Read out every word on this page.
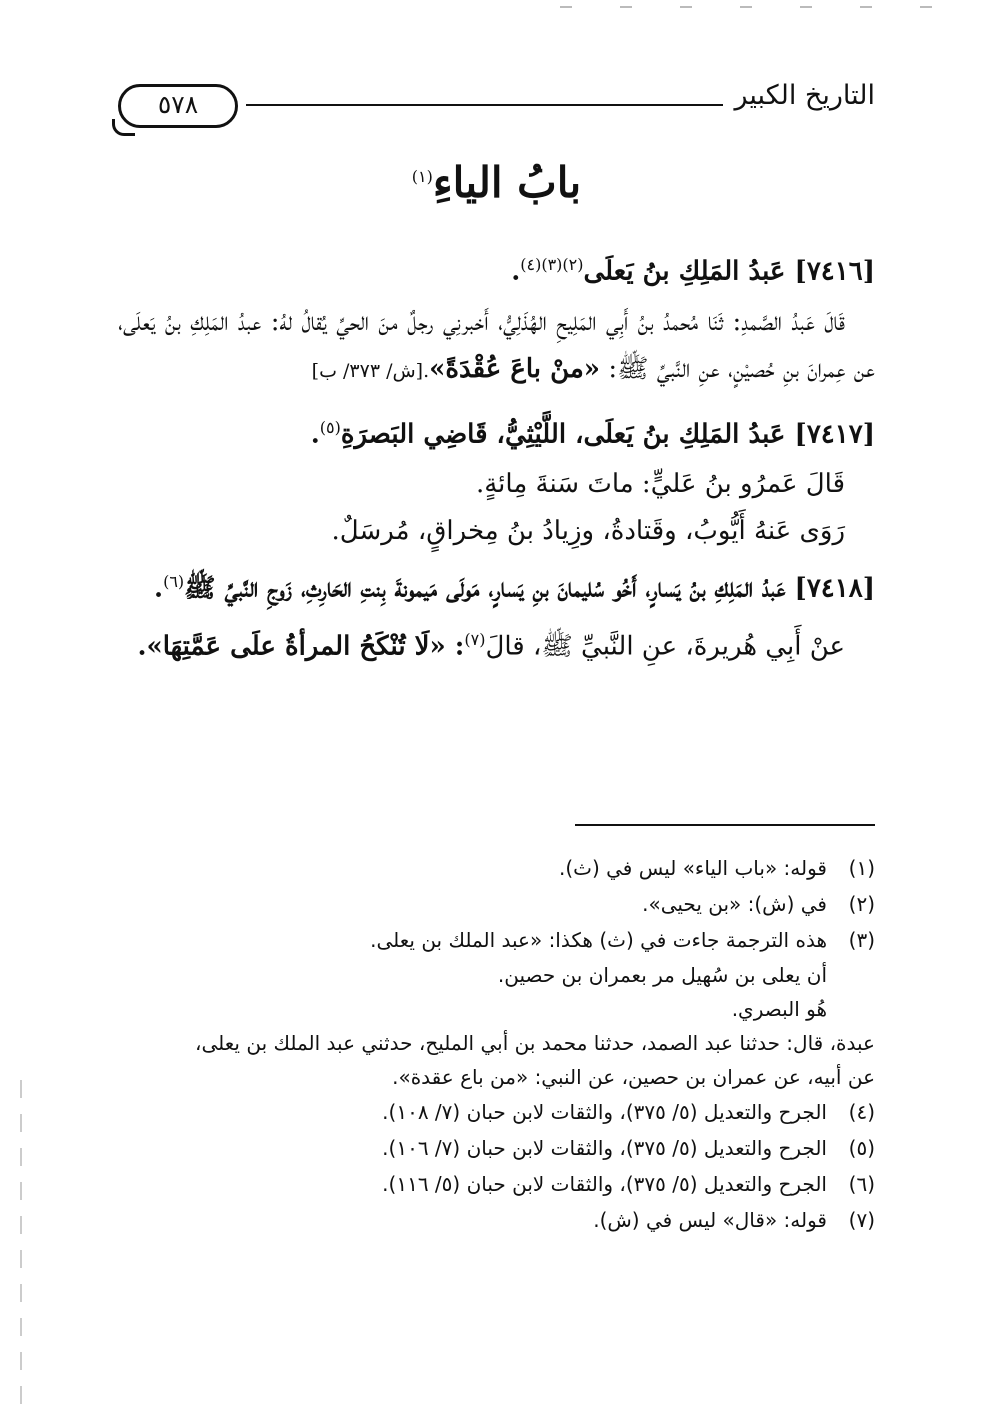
التاريخ الكبير
٥٧٨
بابُ الياءِ$^{(١)}$

[٧٤١٦] عَبدُ المَلِكِ بنُ يَعلَى$^{(٢)(٣)(٤)}$.

قَالَ عَبدُ الصَّمدِ: ثَنَا مُحمدُ بنُ أَبِي المَلِيحِ الهُذَلِيُّ، أَخبرنِي رجلٌ منَ الحيِّ يُقالُ لهُ: عبدُ المَلِكِ بنُ يَعلَى، عن عِمرانَ بنِ حُصيْنٍ، عنِ النَّبيِّ ﷺ: «منْ باعَ عُقْدَةً».[ش/ ٣٧٣/ ب]

[٧٤١٧] عَبدُ المَلِكِ بنُ يَعلَى، اللَّيْثِيُّ، قَاضِي البَصرَةِ$^{(٥)}$.

قَالَ عَمرُو بنُ عَليٍّ: ماتَ سَنةَ مِائةٍ.

رَوَى عَنهُ أَيُّوبُ، وقَتادةُ، وزِيادُ بنُ مِخراقٍ، مُرسَلٌ.

[٧٤١٨] عَبدُ المَلِكِ بنُ يَسارٍ، أَخُو سُليمانَ بنِ يَسارٍ، مَولَى مَيمونةَ بِنتِ الحَارِثِ، زَوجِ النَّبيِّ ﷺ$^{(٦)}$.

عنْ أَبِي هُريرةَ، عنِ النَّبيِّ ﷺ، قالَ$^{(٧)}$: «لَا تُنْكَحُ المرأةُ علَى عَمَّتِهَا».

(١)
قوله: «باب الياء» ليس في (ث).
(٢)
في (ش): «بن يحيى».
(٣)
هذه الترجمة جاءت في (ث) هكذا: «عبد الملك بن يعلى.
أن يعلى بن سُهيل مر بعمران بن حصين.
هُو البصري.
عبدة، قال: حدثنا عبد الصمد، حدثنا محمد بن أبي المليح، حدثني عبد الملك بن يعلى،
عن أبيه، عن عمران بن حصين، عن النبي: «من باع عقدة».
(٤)
الجرح والتعديل (٥/ ٣٧٥)، والثقات لابن حبان (٧/ ١٠٨).
(٥)
الجرح والتعديل (٥/ ٣٧٥)، والثقات لابن حبان (٧/ ١٠٦).
(٦)
الجرح والتعديل (٥/ ٣٧٥)، والثقات لابن حبان (٥/ ١١٦).
(٧)
قوله: «قال» ليس في (ش).
